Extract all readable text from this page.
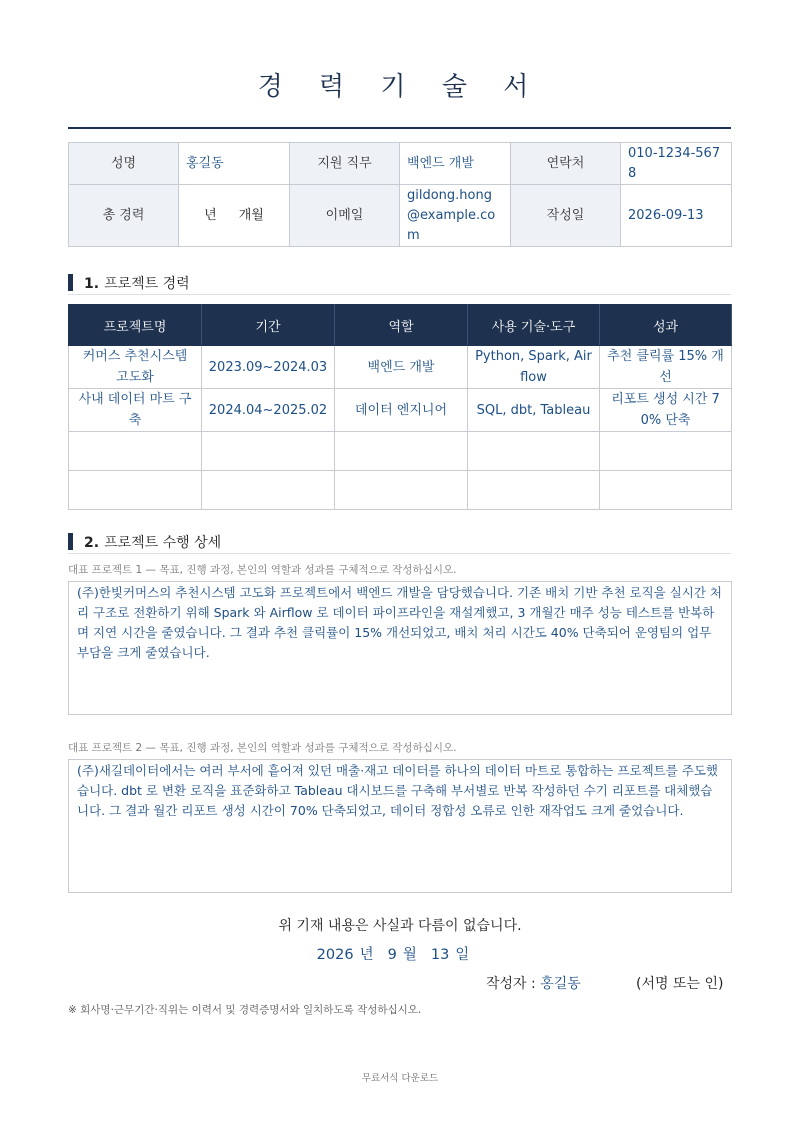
경 력 기 술 서
성명	홍길동	지원 직무	백엔드 개발	연락처	010-1234-5678
총 경력	년 개월	이메일	gildong.hong@example.com	작성일	2026-09-13
1. 프로젝트 경력
프로젝트명	기간	역할	사용 기술·도구	성과
커머스 추천시스템 고도화	2023.09~2024.03	백엔드 개발	Python, Spark, Airflow	추천 클릭률 15% 개선
사내 데이터 마트 구축	2024.04~2025.02	데이터 엔지니어	SQL, dbt, Tableau	리포트 생성 시간 70% 단축

2. 프로젝트 수행 상세
대표 프로젝트 1 — 목표, 진행 과정, 본인의 역할과 성과를 구체적으로 작성하십시오.
(주)한빛커머스의 추천시스템 고도화 프로젝트에서 백엔드 개발을 담당했습니다. 기존 배치 기반 추천 로직을 실시간 처리 구조로 전환하기 위해 Spark 와 Airflow 로 데이터 파이프라인을 재설계했고, 3 개월간 매주 성능 테스트를 반복하며 지연 시간을 줄였습니다. 그 결과 추천 클릭률이 15% 개선되었고, 배치 처리 시간도 40% 단축되어 운영팀의 업무 부담을 크게 줄였습니다.
대표 프로젝트 2 — 목표, 진행 과정, 본인의 역할과 성과를 구체적으로 작성하십시오.
(주)새길데이터에서는 여러 부서에 흩어져 있던 매출·재고 데이터를 하나의 데이터 마트로 통합하는 프로젝트를 주도했습니다. dbt 로 변환 로직을 표준화하고 Tableau 대시보드를 구축해 부서별로 반복 작성하던 수기 리포트를 대체했습니다. 그 결과 월간 리포트 생성 시간이 70% 단축되었고, 데이터 정합성 오류로 인한 재작업도 크게 줄었습니다.
위 기재 내용은 사실과 다름이 없습니다.
2026 년 9 월 13 일
작성자 : 홍길동	(서명 또는 인)
※ 회사명·근무기간·직위는 이력서 및 경력증명서와 일치하도록 작성하십시오.
무료서식 다운로드
